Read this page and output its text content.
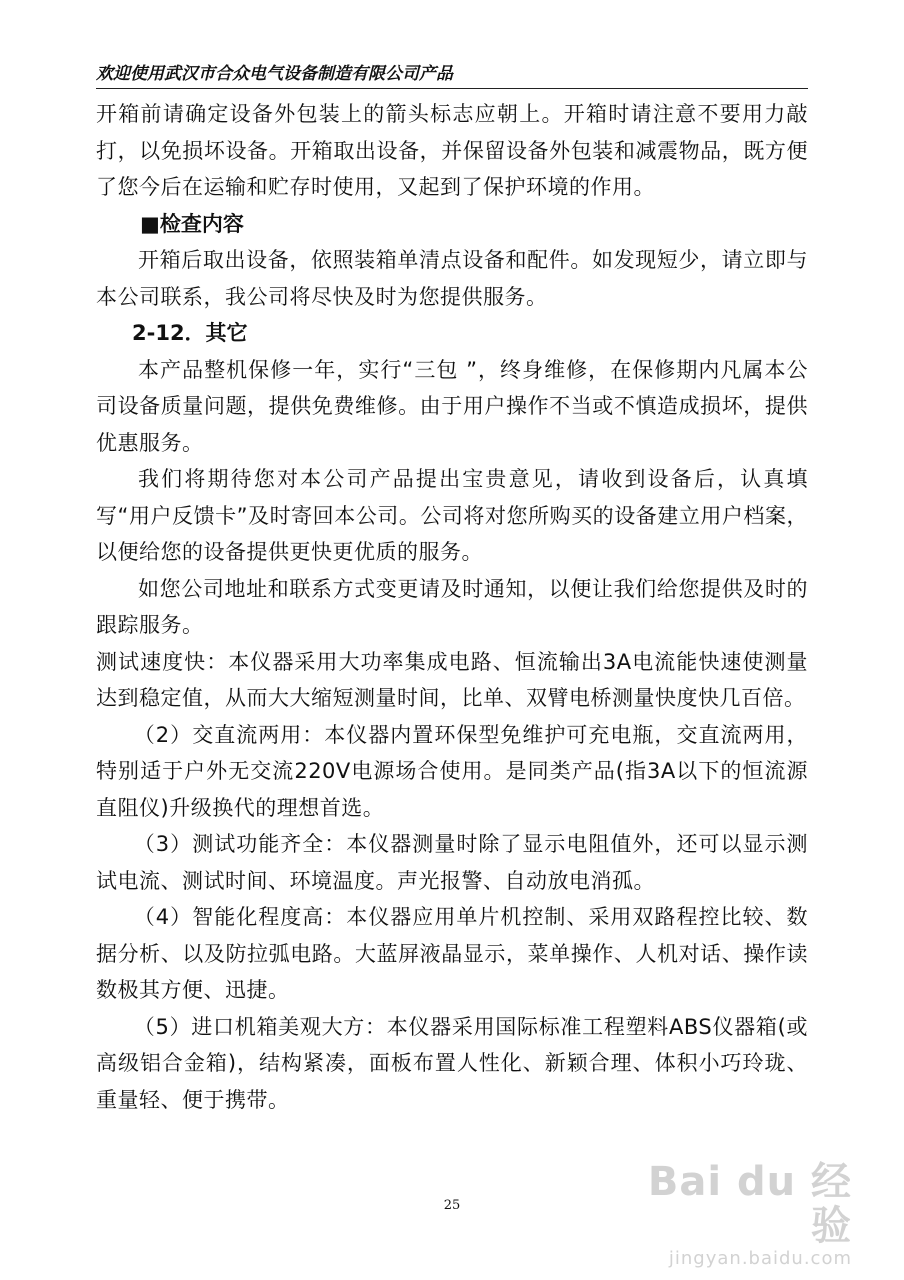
欢迎使用武汉市合众电气设备制造有限公司产品

开箱前请确定设备外包装上的箭头标志应朝上。开箱时请注意不要用力敲打，以免损坏设备。开箱取出设备，并保留设备外包装和减震物品，既方便了您今后在运输和贮存时使用，又起到了保护环境的作用。

■检查内容

开箱后取出设备，依照装箱单清点设备和配件。如发现短少，请立即与本公司联系，我公司将尽快及时为您提供服务。

2-12．其它

本产品整机保修一年，实行“三包 ”，终身维修，在保修期内凡属本公司设备质量问题，提供免费维修。由于用户操作不当或不慎造成损坏，提供优惠服务。

我们将期待您对本公司产品提出宝贵意见，请收到设备后，认真填写“用户反馈卡”及时寄回本公司。公司将对您所购买的设备建立用户档案，以便给您的设备提供更快更优质的服务。

如您公司地址和联系方式变更请及时通知，以便让我们给您提供及时的跟踪服务。

测试速度快：本仪器采用大功率集成电路、恒流输出3A电流能快速使测量达到稳定值，从而大大缩短测量时间，比单、双臂电桥测量快度快几百倍。

（2）交直流两用：本仪器内置环保型免维护可充电瓶，交直流两用，特别适于户外无交流220V电源场合使用。是同类产品(指3A以下的恒流源直阻仪)升级换代的理想首选。

（3）测试功能齐全：本仪器测量时除了显示电阻值外，还可以显示测试电流、测试时间、环境温度。声光报警、自动放电消孤。

（4）智能化程度高：本仪器应用单片机控制、采用双路程控比较、数据分析、以及防拉弧电路。大蓝屏液晶显示，菜单操作、人机对话、操作读数极其方便、迅捷。

（5）进口机箱美观大方：本仪器采用国际标准工程塑料ABS仪器箱(或高级铝合金箱)，结构紧凑，面板布置人性化、新颖合理、体积小巧玲珑、重量轻、便于携带。

25
Bai du 经验
jingyan.baidu.com
